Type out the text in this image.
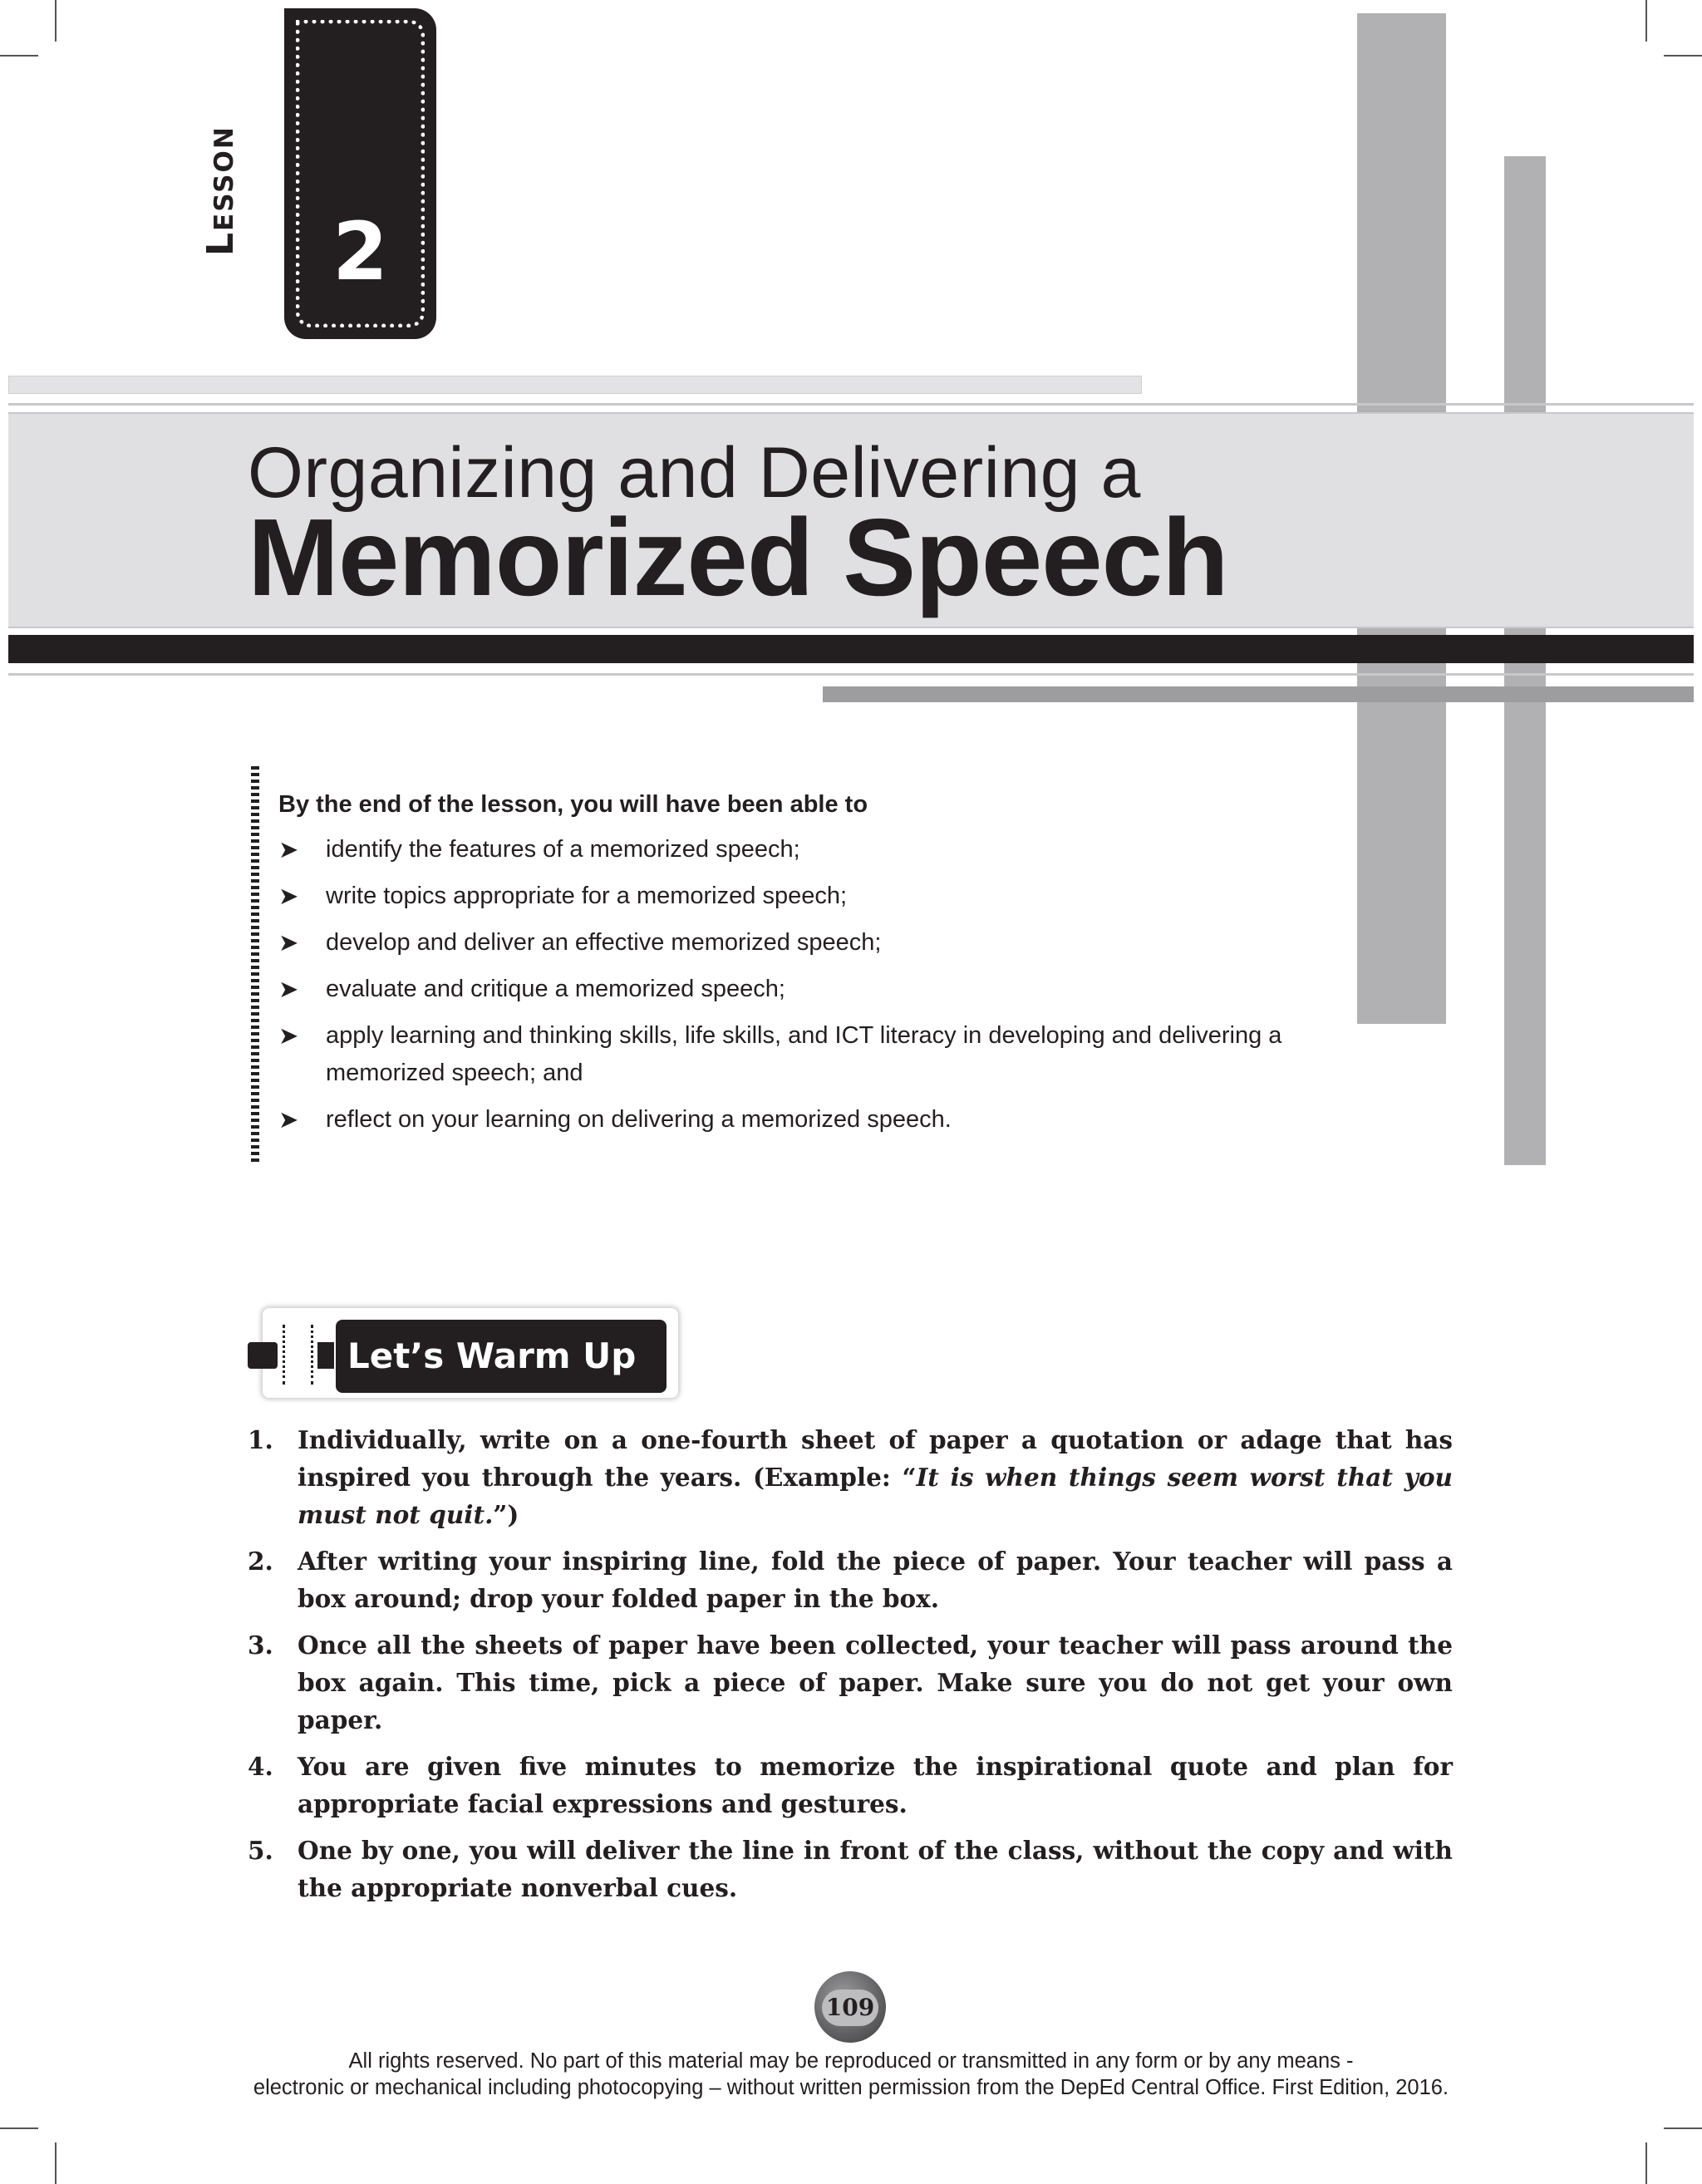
2
Lesson
Organizing and Delivering a
Memorized Speech
By the end of the lesson, you will have been able to
➤ identify the features of a memorized speech;
➤ write topics appropriate for a memorized speech;
➤ develop and deliver an effective memorized speech;
➤ evaluate and critique a memorized speech;
➤ apply learning and thinking skills, life skills, and ICT literacy in developing and delivering a memorized speech; and
➤ reflect on your learning on delivering a memorized speech.
Let’s Warm Up
1. Individually, write on a one-fourth sheet of paper a quotation or adage that has inspired you through the years. (Example: “It is when things seem worst that you must not quit.”)
2. After writing your inspiring line, fold the piece of paper. Your teacher will pass a box around; drop your folded paper in the box.
3. Once all the sheets of paper have been collected, your teacher will pass around the box again. This time, pick a piece of paper. Make sure you do not get your own paper.
4. You are given five minutes to memorize the inspirational quote and plan for appropriate facial expressions and gestures.
5. One by one, you will deliver the line in front of the class, without the copy and with the appropriate nonverbal cues.
109
All rights reserved. No part of this material may be reproduced or transmitted in any form or by any means -
electronic or mechanical including photocopying – without written permission from the DepEd Central Office. First Edition, 2016.
